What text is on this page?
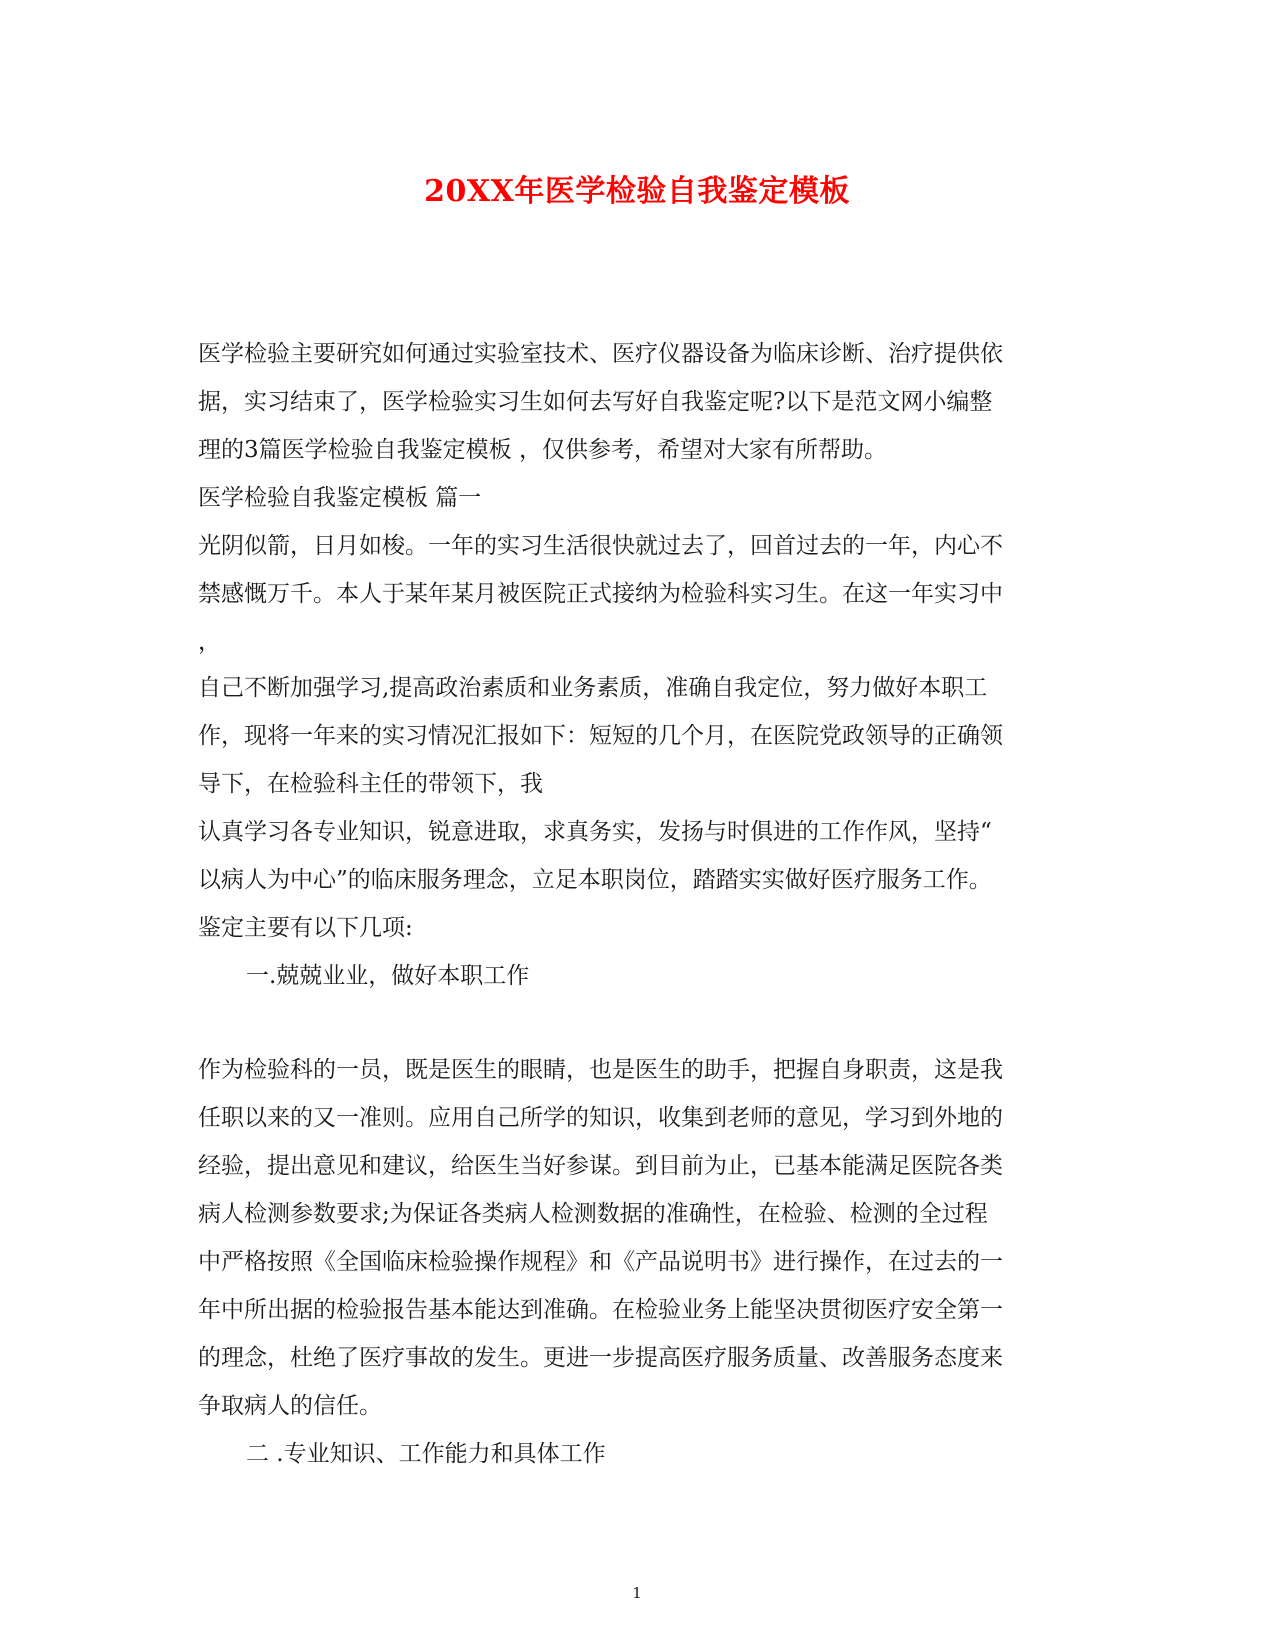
20XX年医学检验自我鉴定模板
医学检验主要研究如何通过实验室技术、医疗仪器设备为临床诊断、治疗提供依
据，实习结束了，医学检验实习生如何去写好自我鉴定呢?以下是范文网小编整
理的3篇医学检验自我鉴定模板 ，仅供参考，希望对大家有所帮助。
医学检验自我鉴定模板 篇一
光阴似箭，日月如梭。一年的实习生活很快就过去了，回首过去的一年，内心不
禁感慨万千。本人于某年某月被医院正式接纳为检验科实习生。在这一年实习中
，
自己不断加强学习,提高政治素质和业务素质，准确自我定位，努力做好本职工
作，现将一年来的实习情况汇报如下：短短的几个月，在医院党政领导的正确领
导下，在检验科主任的带领下，我
认真学习各专业知识，锐意进取，求真务实，发扬与时俱进的工作作风，坚持“
以病人为中心”的临床服务理念，立足本职岗位，踏踏实实做好医疗服务工作。
鉴定主要有以下几项:
一.兢兢业业，做好本职工作
作为检验科的一员，既是医生的眼睛，也是医生的助手，把握自身职责，这是我
任职以来的又一准则。应用自己所学的知识，收集到老师的意见，学习到外地的
经验，提出意见和建议，给医生当好参谋。到目前为止，已基本能满足医院各类
病人检测参数要求;为保证各类病人检测数据的准确性，在检验、检测的全过程
中严格按照《全国临床检验操作规程》和《产品说明书》进行操作，在过去的一
年中所出据的检验报告基本能达到准确。在检验业务上能坚决贯彻医疗安全第一
的理念，杜绝了医疗事故的发生。更进一步提高医疗服务质量、改善服务态度来
争取病人的信任。
二 .专业知识、工作能力和具体工作
1
